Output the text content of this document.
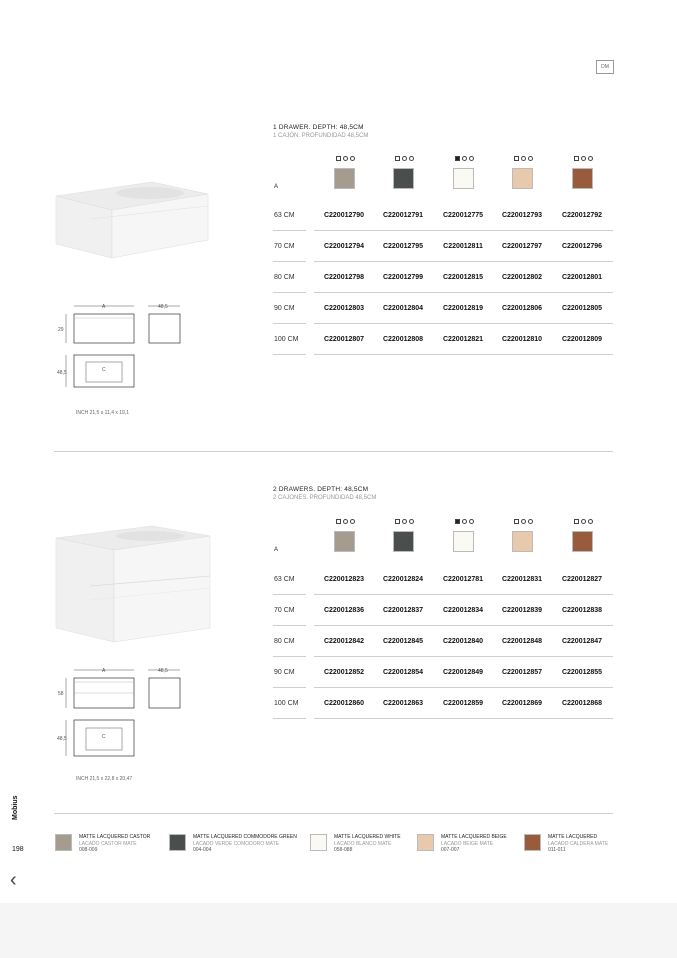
DM
A	48,5
29
48,5	C
INCH 21,5 x 11,4 x 19,1
1 DRAWER. DEPTH: 48,5CM
1 CAJÓN. PROFUNDIDAD 48,5CM
A
63 CM	C220012790	C220012791	C220012775	C220012793	C220012792
70 CM	C220012794	C220012795	C220012811	C220012797	C220012796
80 CM	C220012798	C220012799	C220012815	C220012802	C220012801
90 CM	C220012803	C220012804	C220012819	C220012806	C220012805
100 CM	C220012807	C220012808	C220012821	C220012810	C220012809
A	48,5
58
48,5	C
INCH 21,5 x 22,8 x 20,47
2 DRAWERS. DEPTH: 48,5CM
2 CAJONES. PROFUNDIDAD 48,5CM
A
63 CM	C220012823	C220012824	C220012781	C220012831	C220012827
70 CM	C220012836	C220012837	C220012834	C220012839	C220012838
80 CM	C220012842	C220012845	C220012840	C220012848	C220012847
90 CM	C220012852	C220012854	C220012849	C220012857	C220012855
100 CM	C220012860	C220012863	C220012859	C220012869	C220012868
Mobius
198
‹
MATTE LACQUERED CASTOR
LACADO CASTOR MATE
008-009
MATTE LACQUERED COMMODORE GREEN
LACADO VERDE COMODORO MATE
004-004
MATTE LACQUERED WHITE
LACADO BLANCO MATE
058-088
MATTE LACQUERED BEIGE
LACADO BEIGE MATE
007-007
MATTE LACQUERED
LACADO CALDERA MATE
011-011
